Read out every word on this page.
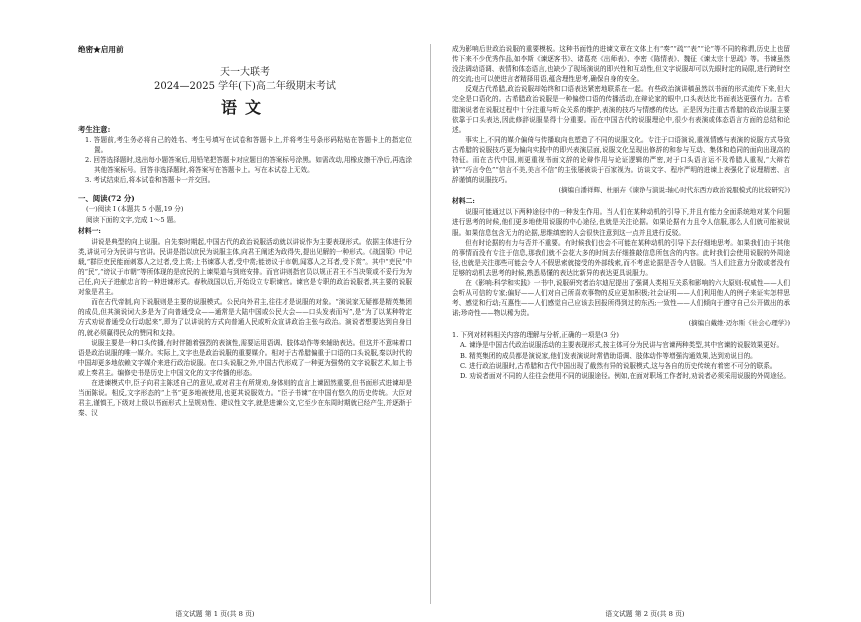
绝密★启用前
天一大联考
2024—2025 学年(下)高二年级期末考试
语文
考生注意:
1. 答题前,考生务必将自己的姓名、考生号填写在试卷和答题卡上,并将考生号条形码粘贴在答题卡上的指定位置。
2. 回答选择题时,选出每小题答案后,用铅笔把答题卡对应题目的答案标号涂黑。如需改动,用橡皮擦干净后,再选涂其他答案标号。回答非选择题时,将答案写在答题卡上。写在本试卷上无效。
3. 考试结束后,将本试卷和答题卡一并交回。
一、阅读(72 分)

(一)阅读 I (本题共 5 小题,19 分)

阅读下面的文字,完成 1～5 题。

材料一:

讲说是典型的向上说服。自先秦时期起,中国古代的政治说服活动就以讲说作为主要表现形式。依据主体进行分类,讲说可分为民讲与官讲。民讲是指以庶民为说服主体,向君王阐述为政得失,提出见解的一种形式。《战国策》中记载,“群臣吏民能面刺寡人之过者,受上赏;上书谏寡人者,受中赏;能谤议于市朝,闻寡人之耳者,受下赏”。其中“吏民”中的“民”,“谤议于市朝”等所体现的是庶民的上谏渠道与到庭安排。而官讲则指官员以规正君王不当决策或不妥行为为己任,向天子进献忠言的一种进谏形式。春秋战国以后,开始设立专职谏官。谏官是专职的政治说服者,其主要的说服对象是君主。

而在古代帝制,向下说服则是主要的说服模式。公民向外君主,往往才是说服的对象。“演说家无疑都是精英集团的成员,但其演说词大多是为了向普通受众——通常是大陆中国或公民大会——口头发表而写”,是“为了以某种特定方式劝说普通受众行动起来”,即为了以讲说的方式向普通人民或听众宣讲政治主张与政治。演说者想要达到自身目的,就必须赢得民众的赞同和支持。

说服主要是一种口头传播,有时伴随着强烈的表演性,需要运用语调、肢体动作等来辅助表达。但这并不意味着口语是政治说服的唯一媒介。实际上,文字也是政治说服的重要媒介。相对于古希腊偏重于口语的口头说服,秦以时代的中国却更多地依赖文字媒介来进行政治说服。在口头说服之外,中国古代形成了一种更为强势的文字说服艺术,如上书或上奏君主。编修史书是历史上中国文化的文字传播的形态。

在进谏模式中,臣子向君主陈述自己的意见,或对君主有所规劝,身体则的直言上谏固然重要,但书面形式进谏却是当面陈说。相反,文字形态的“上书”更多地被使用,也更其说服效力。“臣子书谏”在中国有悠久的历史传统。大臣对君主,谨慎王,下级对上级以书面形式上呈规劝性、建议性文字,就是进谏公文,它至少在东周时期就已经产生,并逐渐于秦、汉

语文试题 第 1 页(共 8 页)

成为影响后世政治说服的重要模板。这种书面性的进谏文章在文体上有“奏”“疏”“表”“论”等不同的称谓,历史上也留传下来不少优秀作品,如李斯《谏逐客书》、诸葛亮《出师表》、李密《陈情表》、魏征《谏太宗十思疏》等。书谏虽然没法调动语调、表情和体态语言,也缺少了现场演说的即兴性和互动性,但文字说服却可以先眼时定的局限,进行跨时空的交流;也可以使进言者精择用语,蕴含理性思考,确保自身的安全。

反观古代希腊,政治说服却始终和口语表达紧密地联系在一起。有些政治演讲稿虽然以书面的形式流传下来,但大完全是口语化的。古希腊政治说服是一种偏傍口语的传播活动,在辩论家的眼中,口头表达比书面表达更强有力。古希腊演说者在说服过程中十分注重与听众关系的维护,表演的技巧与情感的传达。正是因为注重古希腊的政治说服主要依靠于口头表达,因此修辞说服显得十分重要。而在中国古代的说服理论中,很少有表演或体态语言方面的总结和论述。

事实上,不同的媒介偏倚与传播取向也塑造了不同的说服文化。专注于口语演说,重视情感与表演的说服方式导致古希腊的说服技巧更为偏向实践中的即兴表演层面,说服文化呈现出修辞的和参与互动、集体和趋同的面向出现高的特征。而在古代中国,则更重视书面文辞的论辩作用与论证逻辑的严密,对于口头语言运不及希腊人重视,“大辩若讷”“巧言令色”“信言不美,美言不信”的主张屡被谈于百家视为。访谈文字、程序严明的进谏上表强化了说理精密、言辞谨慎的说服技巧。

(摘编自潘祥辉、杜丽卉《谏诤与演说:轴心时代东西方政治说服模式的比较研究》)
材料二:

说服可能通过以下两种途径中的一种发生作用。当人们在某种动机的引导下,并且有能力全面系统地对某个问题进行思考的时候,他们更多地使用说服的中心途径,也就是关注论据。如果论据有力且令人信服,那么人们就可能被说服。如果信息包含无力的论据,思维缜密的人会很快注意到这一点并且进行反驳。

但有时论据的有力与否并不重要。有时候我们也会不可能在某种动机的引导下去仔细地思考。如果我们由于其他的事情而没有专注于信息,那我们就不会花大多的时间去仔细推敲信息所包含的内容。此时我们会使用说服的外周途径,也就是关注那些可能会令人不假思索就接受的外部线索,而不考虑论据是否令人信服。当人们注意力分散或者没有足够的动机去思考的时候,熟悉易懂的表达比新异的表达更具说服力。

在《影响:科学和实践》一书中,说服研究者治尔迪尼提出了强调人类相互关系和影响的六大原则:权威性——人们会听从可信的专家;偏好——人们对自己所喜欢事物的反应更加积极;社会证明——人们利用他人的例子来证实怎样思考、感觉和行动;互惠性——人们感觉自己应该去回报所得到过的东西;一致性——人们倾向于遵守自己公开做出的承诺;珍奇性——物以稀为贵。

(摘编自戴维·迈尔斯《社会心理学》)

1. 下列对材料相关内容的理解与分析,正确的一项是(3 分)

A. 谏诤是中国古代政治说服活动的主要表现形式,按主体可分为民讲与官谏两种类型,其中官谏的说服效果更好。

B. 精英集团的成员都是演说家,他们发表演说时常借助语调、肢体动作等增强沟通效果,达到劝说目的。

C. 进行政治说服时,古希腊和古代中国出现了截然有异的说服模式,这与各自的历史传统有着密不可分的联系。

D. 劝说者面对不同的人往往会使用不同的说服途径。例如,在面对职场工作者时,劝说者必须采用说服的外周途径。

语文试题 第 2 页(共 8 页)
